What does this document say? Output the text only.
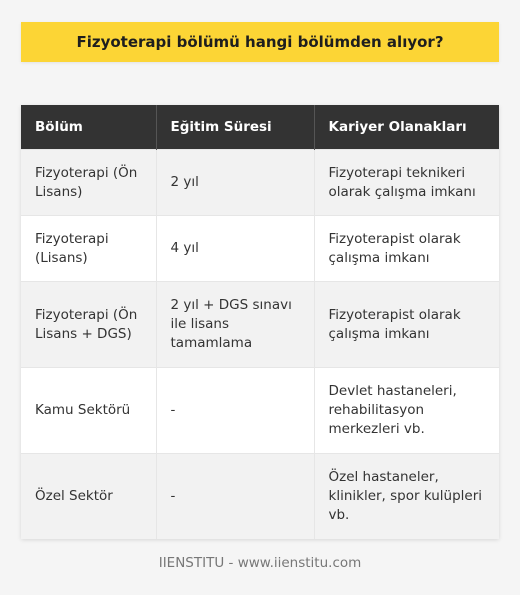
Fizyoterapi bölümü hangi bölümden alıyor?
Bölüm	Eğitim Süresi	Kariyer Olanakları
Fizyoterapi (Ön Lisans)	2 yıl	Fizyoterapi teknikeri olarak çalışma imkanı
Fizyoterapi (Lisans)	4 yıl	Fizyoterapist olarak çalışma imkanı
Fizyoterapi (Ön Lisans + DGS)	2 yıl + DGS sınavı ile lisans tamamlama	Fizyoterapist olarak çalışma imkanı
Kamu Sektörü	-	Devlet hastaneleri, rehabilitasyon merkezleri vb.
Özel Sektör	-	Özel hastaneler, klinikler, spor kulüpleri vb.
IIENSTITU - www.iienstitu.com
